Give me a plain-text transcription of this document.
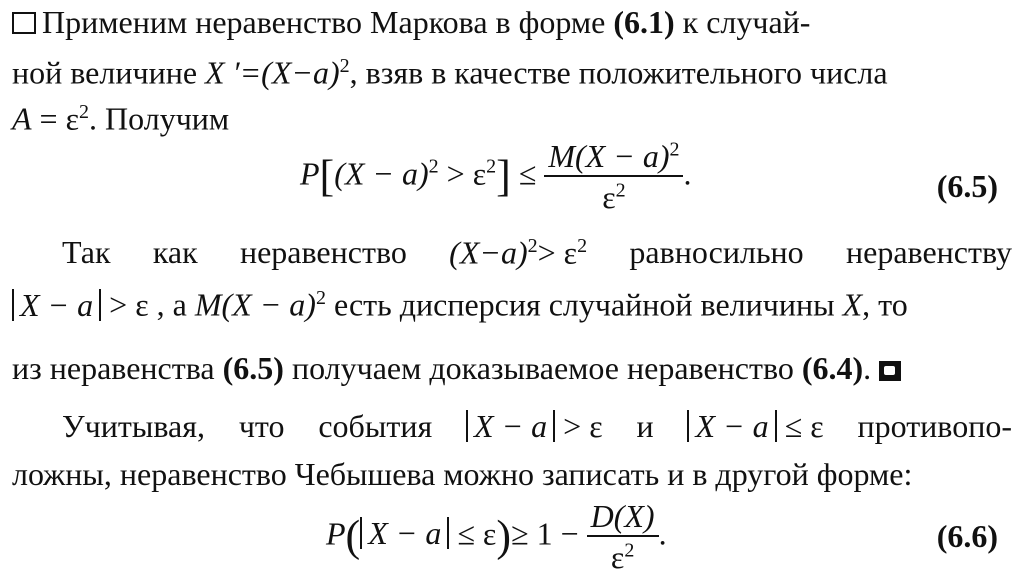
Применим неравенство Маркова в форме (6.1) к случай-
ной величине X $'=(X-a)^2$, взяв в качестве положительного числа
$A = \varepsilon^2$. Получим
$P[(X - a)^2 > \varepsilon^2] \le \frac{M(X - a)^2}{\varepsilon^2}$ .	(6.5)
Так как неравенство $(X-a)^2> \varepsilon^2$ равносильно неравенству
X − a > ε , а $M(X - a)^2$ есть дисперсия случайной величины X, то
из неравенства (6.5) получаем доказываемое неравенство (6.4).
Учитывая, что события X − a > ε и X − a ≤ ε противопо-
ложны, неравенство Чебышева можно записать и в другой форме:
P( $X - a \le \varepsilon)\ge 1 - \frac{D(X)}{\varepsilon^2}$ .	(6.6)
